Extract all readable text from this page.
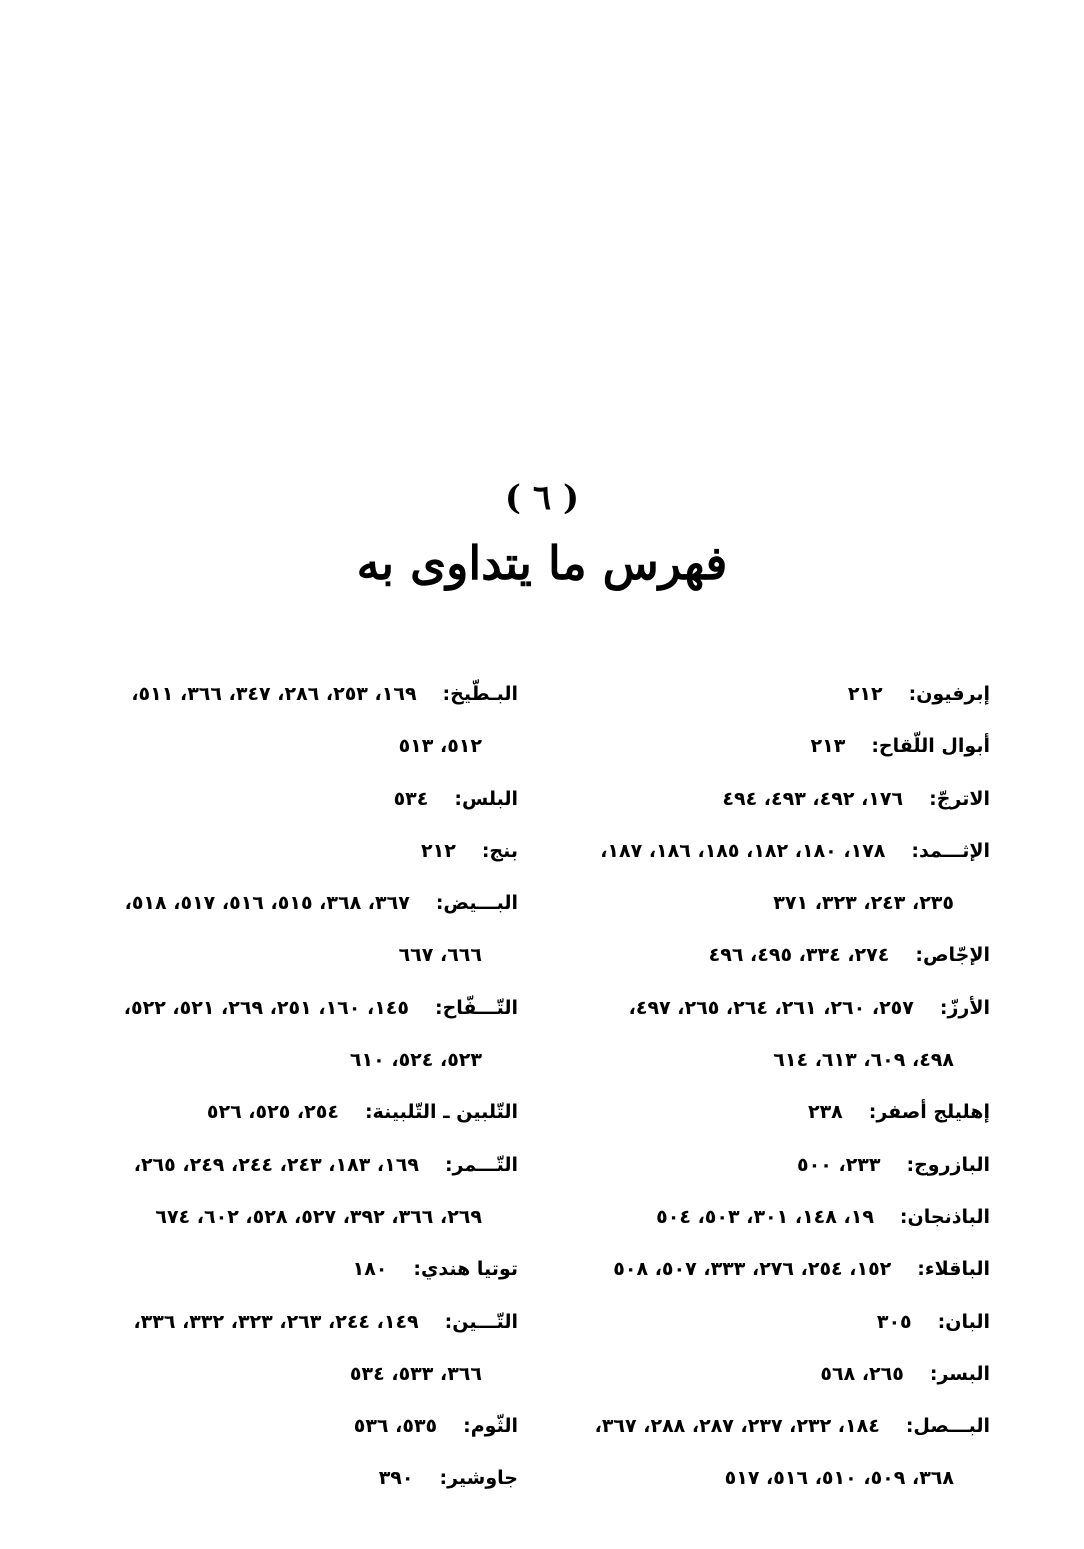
( ٦ )
فهرس ما يتداوى به
إبرفيون:٢١٢
أبوال اللّقاح:٢١٣
الاترجّ:١٧٦، ٤٩٢، ٤٩٣، ٤٩٤
الإثـــمد:١٧٨، ١٨٠، ١٨٢، ١٨٥، ١٨٦، ١٨٧،
٢٣٥، ٢٤٣، ٣٢٣، ٣٧١
الإجّاص:٢٧٤، ٣٣٤، ٤٩٥، ٤٩٦
الأرزّ:٢٥٧، ٢٦٠، ٢٦١، ٢٦٤، ٢٦٥، ٤٩٧،
٤٩٨، ٦٠٩، ٦١٣، ٦١٤
إهليلج أصفر:٢٣٨
البازروج:٢٣٣، ٥٠٠
الباذنجان:١٩، ١٤٨، ٣٠١، ٥٠٣، ٥٠٤
الباقلاء:١٥٢، ٢٥٤، ٢٧٦، ٣٣٣، ٥٠٧، ٥٠٨
البان:٣٠٥
البسر:٢٦٥، ٥٦٨
البـــصل:١٨٤، ٢٣٢، ٢٣٧، ٢٨٧، ٢٨٨، ٣٦٧،
٣٦٨، ٥٠٩، ٥١٠، ٥١٦، ٥١٧
البـطّيخ:١٦٩، ٢٥٣، ٢٨٦، ٣٤٧، ٣٦٦، ٥١١،
٥١٢، ٥١٣
البلس:٥٣٤
بنج:٢١٢
البـــيض:٣٦٧، ٣٦٨، ٥١٥، ٥١٦، ٥١٧، ٥١٨،
٦٦٦، ٦٦٧
التّـــفّاح:١٤٥، ١٦٠، ٢٥١، ٢٦٩، ٥٢١، ٥٢٢،
٥٢٣، ٥٢٤، ٦١٠
التّلبين ـ التّلبينة:٢٥٤، ٥٢٥، ٥٢٦
التّـــمر:١٦٩، ١٨٣، ٢٤٣، ٢٤٤، ٢٤٩، ٢٦٥،
٢٦٩، ٣٦٦، ٣٩٢، ٥٢٧، ٥٢٨، ٦٠٢، ٦٧٤
توتيا هندي:١٨٠
التّـــين:١٤٩، ٢٤٤، ٢٦٣، ٣٢٣، ٣٣٢، ٣٣٦،
٣٦٦، ٥٣٣، ٥٣٤
الثّوم:٥٣٥، ٥٣٦
جاوشير:٣٩٠
